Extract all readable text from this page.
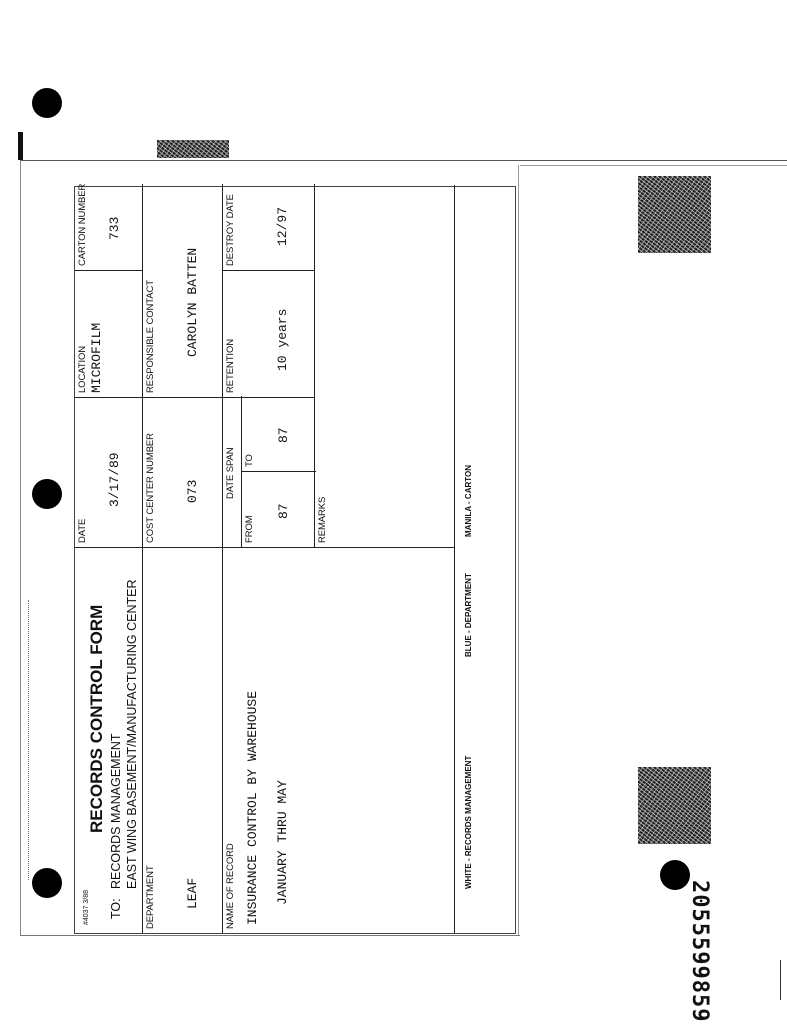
#4037 3/88
RECORDS CONTROL FORM
TO:
RECORDS MANAGEMENT EAST WING BASEMENT/MANUFACTURING CENTER
DATE
3/17/89
LOCATION MICROFILM
CARTON NUMBER 733
DEPARTMENT LEAF
COST CENTER NUMBER 073
RESPONSIBLE CONTACT CAROLYN BATTEN
NAME OF RECORD INSURANCE CONTROL BY WAREHOUSE JANUARY THRU MAY
DATE SPAN
FROM
87
TO
87
RETENTION	10 years
DESTROY DATE	12/97
REMARKS
WHITE - RECORDS MANAGEMENT
BLUE - DEPARTMENT
MANILA - CARTON
2055599859
